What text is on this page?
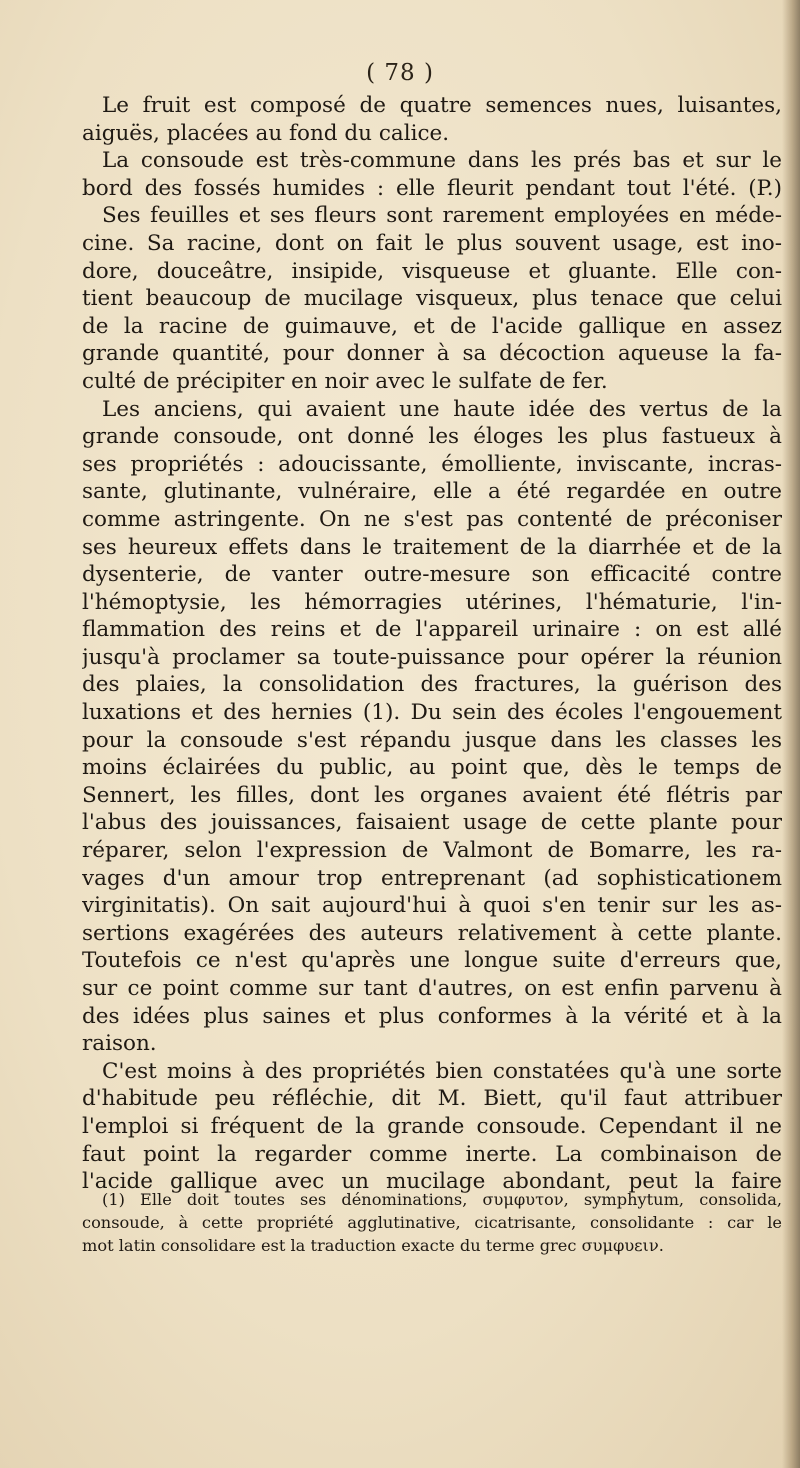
( 78 )
Le fruit est composé de quatre semences nues, luisantes,
aiguës, placées au fond du calice.
La consoude est très-commune dans les prés bas et sur le
bord des fossés humides : elle fleurit pendant tout l'été. (P.)
Ses feuilles et ses fleurs sont rarement employées en méde-
cine. Sa racine, dont on fait le plus souvent usage, est ino-
dore, douceâtre, insipide, visqueuse et gluante. Elle con-
tient beaucoup de mucilage visqueux, plus tenace que celui
de la racine de guimauve, et de l'acide gallique en assez
grande quantité, pour donner à sa décoction aqueuse la fa-
culté de précipiter en noir avec le sulfate de fer.
Les anciens, qui avaient une haute idée des vertus de la
grande consoude, ont donné les éloges les plus fastueux à
ses propriétés : adoucissante, émolliente, inviscante, incras-
sante, glutinante, vulnéraire, elle a été regardée en outre
comme astringente. On ne s'est pas contenté de préconiser
ses heureux effets dans le traitement de la diarrhée et de la
dysenterie, de vanter outre-mesure son efficacité contre
l'hémoptysie, les hémorragies utérines, l'hématurie, l'in-
flammation des reins et de l'appareil urinaire : on est allé
jusqu'à proclamer sa toute-puissance pour opérer la réunion
des plaies, la consolidation des fractures, la guérison des
luxations et des hernies (1). Du sein des écoles l'engouement
pour la consoude s'est répandu jusque dans les classes les
moins éclairées du public, au point que, dès le temps de
Sennert, les filles, dont les organes avaient été flétris par
l'abus des jouissances, faisaient usage de cette plante pour
réparer, selon l'expression de Valmont de Bomarre, les ra-
vages d'un amour trop entreprenant (ad sophisticationem
virginitatis). On sait aujourd'hui à quoi s'en tenir sur les as-
sertions exagérées des auteurs relativement à cette plante.
Toutefois ce n'est qu'après une longue suite d'erreurs que,
sur ce point comme sur tant d'autres, on est enfin parvenu à
des idées plus saines et plus conformes à la vérité et à la
raison.
C'est moins à des propriétés bien constatées qu'à une sorte
d'habitude peu réfléchie, dit M. Biett, qu'il faut attribuer
l'emploi si fréquent de la grande consoude. Cependant il ne
faut point la regarder comme inerte. La combinaison de
l'acide gallique avec un mucilage abondant, peut la faire
(1) Elle doit toutes ses dénominations, συμφυτον, symphytum, consolida,
consoude, à cette propriété agglutinative, cicatrisante, consolidante : car le
mot latin consolidare est la traduction exacte du terme grec συμφυειν.
